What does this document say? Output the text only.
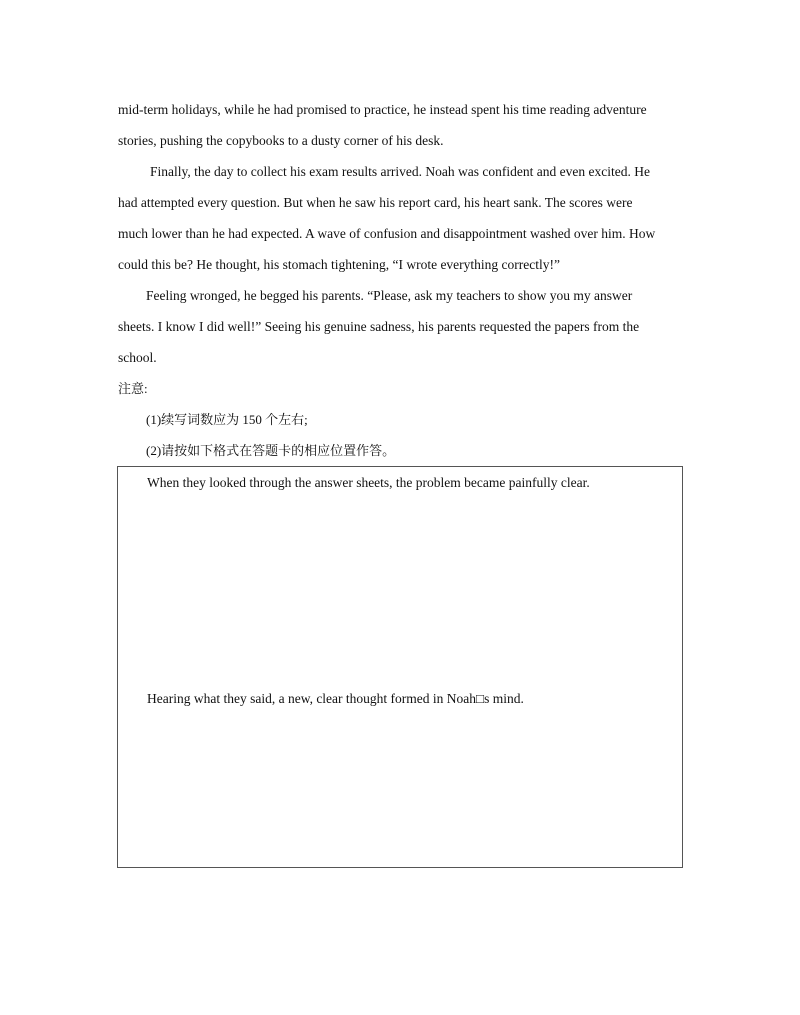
mid-term holidays, while he had promised to practice, he instead spent his time reading adventure
stories, pushing the copybooks to a dusty corner of his desk.
Finally, the day to collect his exam results arrived. Noah was confident and even excited. He
had attempted every question. But when he saw his report card, his heart sank. The scores were
much lower than he had expected. A wave of confusion and disappointment washed over him. How
could this be? He thought, his stomach tightening, “I wrote everything correctly!”
Feeling wronged, he begged his parents. “Please, ask my teachers to show you my answer
sheets. I know I did well!” Seeing his genuine sadness, his parents requested the papers from the
school.
注意:
(1)续写词数应为 150 个左右;
(2)请按如下格式在答题卡的相应位置作答。
When they looked through the answer sheets, the problem became painfully clear.
Hearing what they said, a new, clear thought formed in Noah□s mind.
